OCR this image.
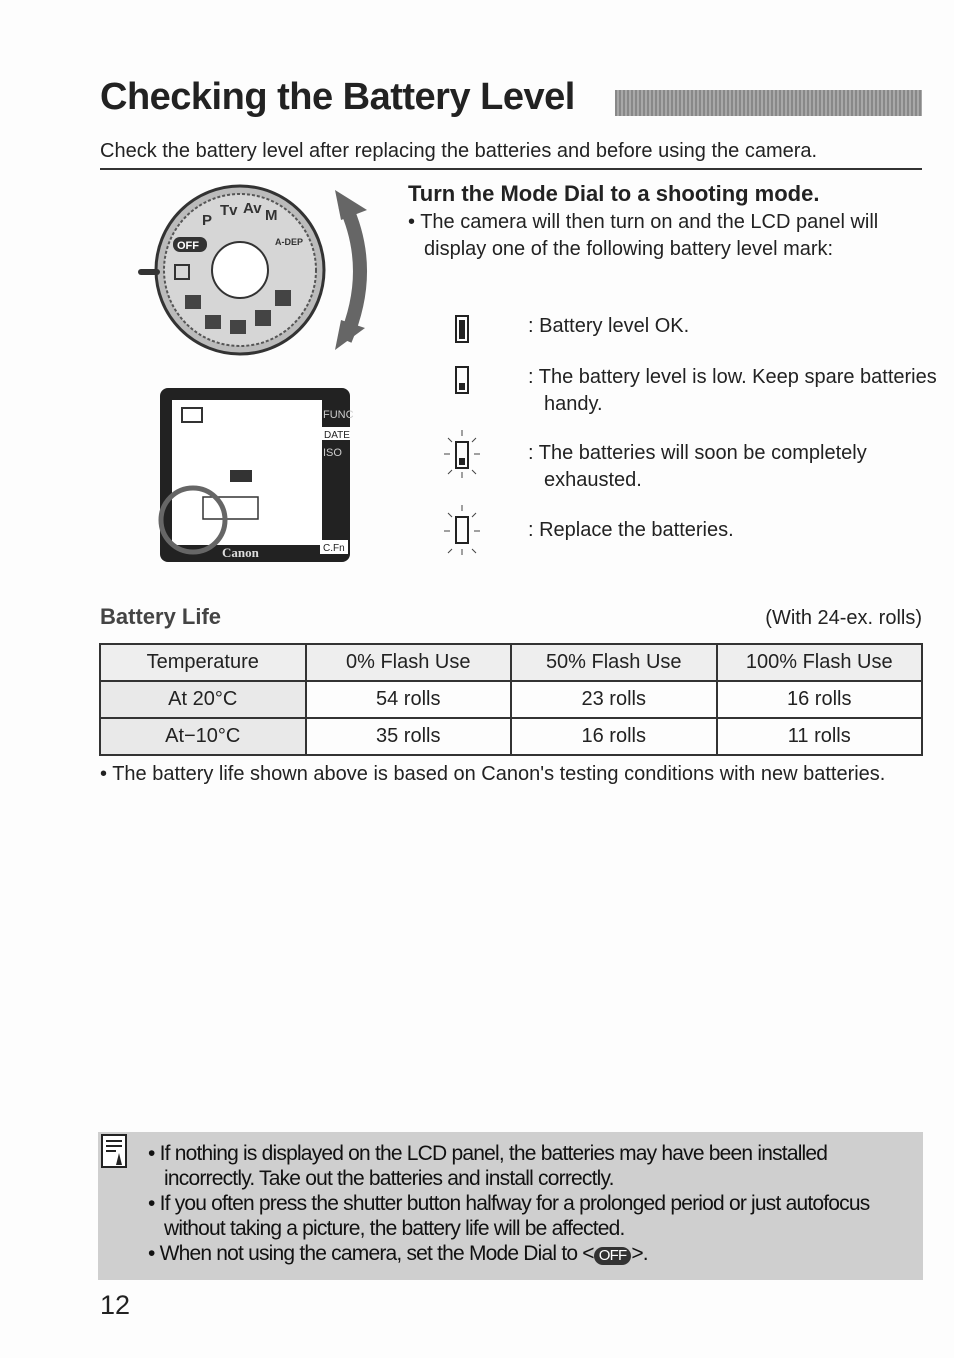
Checking the Battery Level
Check the battery level after replacing the batteries and before using the camera.
P
Tv Av M
A-DEP
OFF
FUNC
DATE
ISO
Canon	C.Fn
Turn the Mode Dial to a shooting mode.
• The camera will then turn on and the LCD panel will display one of the following battery level mark:
: Battery level OK.
: The battery level is low. Keep spare batteries handy.
: The batteries will soon be completely exhausted.
: Replace the batteries.
Battery Life	(With 24-ex. rolls)
Temperature	0% Flash Use	50% Flash Use	100% Flash Use
At 20°C	54 rolls	23 rolls	16 rolls
At−10°C	35 rolls	16 rolls	11 rolls
• The battery life shown above is based on Canon's testing conditions with new batteries.
• If nothing is displayed on the LCD panel, the batteries may have been installed incorrectly. Take out the batteries and install correctly.
• If you often press the shutter button halfway for a prolonged period or just autofocus without taking a picture, the battery life will be affected.
• When not using the camera, set the Mode Dial to < OFF >.
12
